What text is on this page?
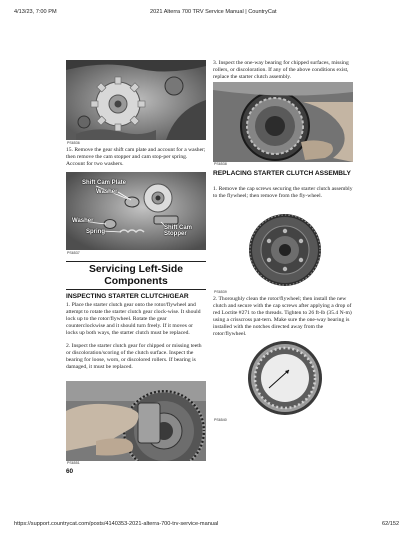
4/13/23, 7:00 PM	2021 Alterra 700 TRV Service Manual | CountryCat
https://support.countrycat.com/posts/4140353-2021-alterra-700-trv-service-manual	62/152
PS6536
15. Remove the gear shift cam plate and account for a washer; then remove the cam stopper and cam stop-per spring. Account for two washers.
Shift Cam Plate
Washer
Washer
Spring
Shift Cam Stopper
PS6537
Servicing Left-Side Components
INSPECTING STARTER CLUTCH/GEAR
1. Place the starter clutch gear onto the rotor/flywheel and attempt to rotate the starter clutch gear clock-wise. It should lock up to the rotor/flywheel. Rotate the gear counterclockwise and it should turn freely. If it moves or locks up both ways, the starter clutch must be replaced.
2. Inspect the starter clutch gear for chipped or missing teeth or discoloration/scoring of the clutch surface. Inspect the bearing for loose, worn, or discolored rollers. If bearing is damaged, it must be replaced.
PS6551
60
3. Inspect the one-way bearing for chipped surfaces, missing rollers, or discoloration. If any of the above conditions exist, replace the starter clutch assembly.
PS6538
REPLACING STARTER CLUTCH ASSEMBLY
1. Remove the cap screws securing the starter clutch assembly to the flywheel; then remove from the fly-wheel.
PS6539
2. Thoroughly clean the rotor/flywheel; then install the new clutch and secure with the cap screws after applying a drop of red Loctite #271 to the threads. Tighten to 26 ft-lb (35.4 N-m) using a crisscross pat-tern. Make sure the one-way bearing is installed with the notches directed away from the rotor/flywheel.
PS6540
